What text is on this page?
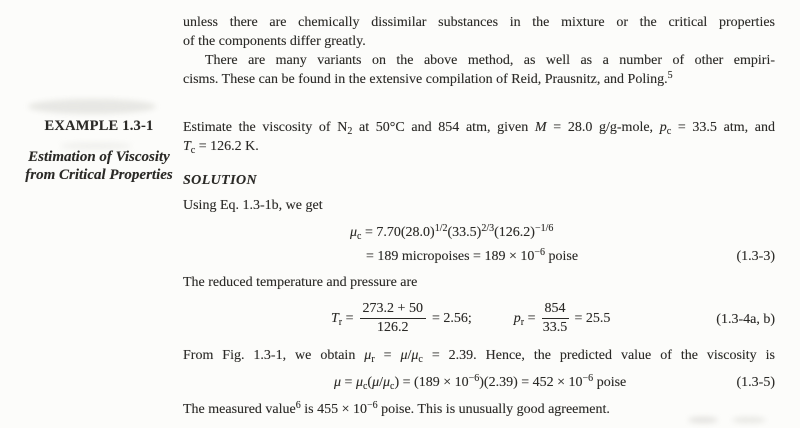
unless there are chemically dissimilar substances in the mixture or the critical properties
of the components differ greatly.
There are many variants on the above method, as well as a number of other empiri-
cisms. These can be found in the extensive compilation of Reid, Prausnitz, and Poling.$^5$
EXAMPLE 1.3-1
Estimation of Viscosity
from Critical Properties
Estimate the viscosity of $N_2$ at 50°C and 854 atm, given M = 28.0 g/g-mole, $p_c = 33.5$ atm, and
$T_c = 126.2$ K.
SOLUTION
Using Eq. 1.3-1b, we get
$\mu_c = 7.70(28.0)^{1/2}(33.5)^{2/3}(126.2)^{-1/6}$
= 189 micropoises = $189 \times 10^{-6}$ poise	(1.3-3)
The reduced temperature and pressure are
$T_r = \frac{273.2 + 50}{126.2} = 2.56$;	$p_r = \frac{854}{33.5} = 25.5$	(1.3-4a, b)
From Fig. 1.3-1, we obtain $\mu_r = \mu/\mu_c = 2.39$. Hence, the predicted value of the viscosity is
$\mu = \mu_c(\mu/\mu_c) = (189 \times 10^{-6})(2.39) = 452 \times 10^{-6}$ poise	(1.3-5)
The measured value$^6$ is $455 \times 10^{-6}$ poise. This is unusually good agreement.
